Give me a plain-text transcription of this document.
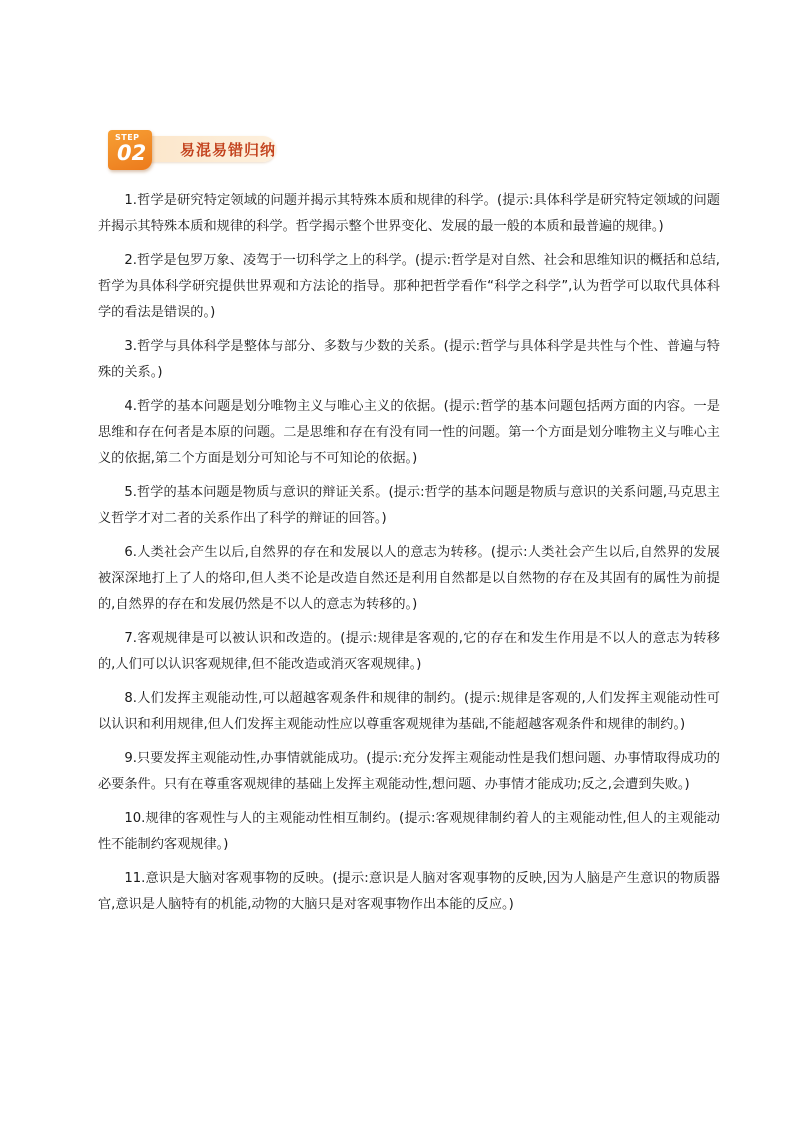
STEP
02 易混易错归纳

1.哲学是研究特定领域的问题并揭示其特殊本质和规律的科学。(提示:具体科学是研究特定领域的问题并揭示其特殊本质和规律的科学。哲学揭示整个世界变化、发展的最一般的本质和最普遍的规律。)

2.哲学是包罗万象、凌驾于一切科学之上的科学。(提示:哲学是对自然、社会和思维知识的概括和总结,哲学为具体科学研究提供世界观和方法论的指导。那种把哲学看作“科学之科学”,认为哲学可以取代具体科学的看法是错误的。)

3.哲学与具体科学是整体与部分、多数与少数的关系。(提示:哲学与具体科学是共性与个性、普遍与特殊的关系。)

4.哲学的基本问题是划分唯物主义与唯心主义的依据。(提示:哲学的基本问题包括两方面的内容。一是思维和存在何者是本原的问题。二是思维和存在有没有同一性的问题。第一个方面是划分唯物主义与唯心主义的依据,第二个方面是划分可知论与不可知论的依据。)

5.哲学的基本问题是物质与意识的辩证关系。(提示:哲学的基本问题是物质与意识的关系问题,马克思主义哲学才对二者的关系作出了科学的辩证的回答。)

6.人类社会产生以后,自然界的存在和发展以人的意志为转移。(提示:人类社会产生以后,自然界的发展被深深地打上了人的烙印,但人类不论是改造自然还是利用自然都是以自然物的存在及其固有的属性为前提的,自然界的存在和发展仍然是不以人的意志为转移的。)

7.客观规律是可以被认识和改造的。(提示:规律是客观的,它的存在和发生作用是不以人的意志为转移的,人们可以认识客观规律,但不能改造或消灭客观规律。)

8.人们发挥主观能动性,可以超越客观条件和规律的制约。(提示:规律是客观的,人们发挥主观能动性可以认识和利用规律,但人们发挥主观能动性应以尊重客观规律为基础,不能超越客观条件和规律的制约。)

9.只要发挥主观能动性,办事情就能成功。(提示:充分发挥主观能动性是我们想问题、办事情取得成功的必要条件。只有在尊重客观规律的基础上发挥主观能动性,想问题、办事情才能成功;反之,会遭到失败。)

10.规律的客观性与人的主观能动性相互制约。(提示:客观规律制约着人的主观能动性,但人的主观能动性不能制约客观规律。)

11.意识是大脑对客观事物的反映。(提示:意识是人脑对客观事物的反映,因为人脑是产生意识的物质器官,意识是人脑特有的机能,动物的大脑只是对客观事物作出本能的反应。)
